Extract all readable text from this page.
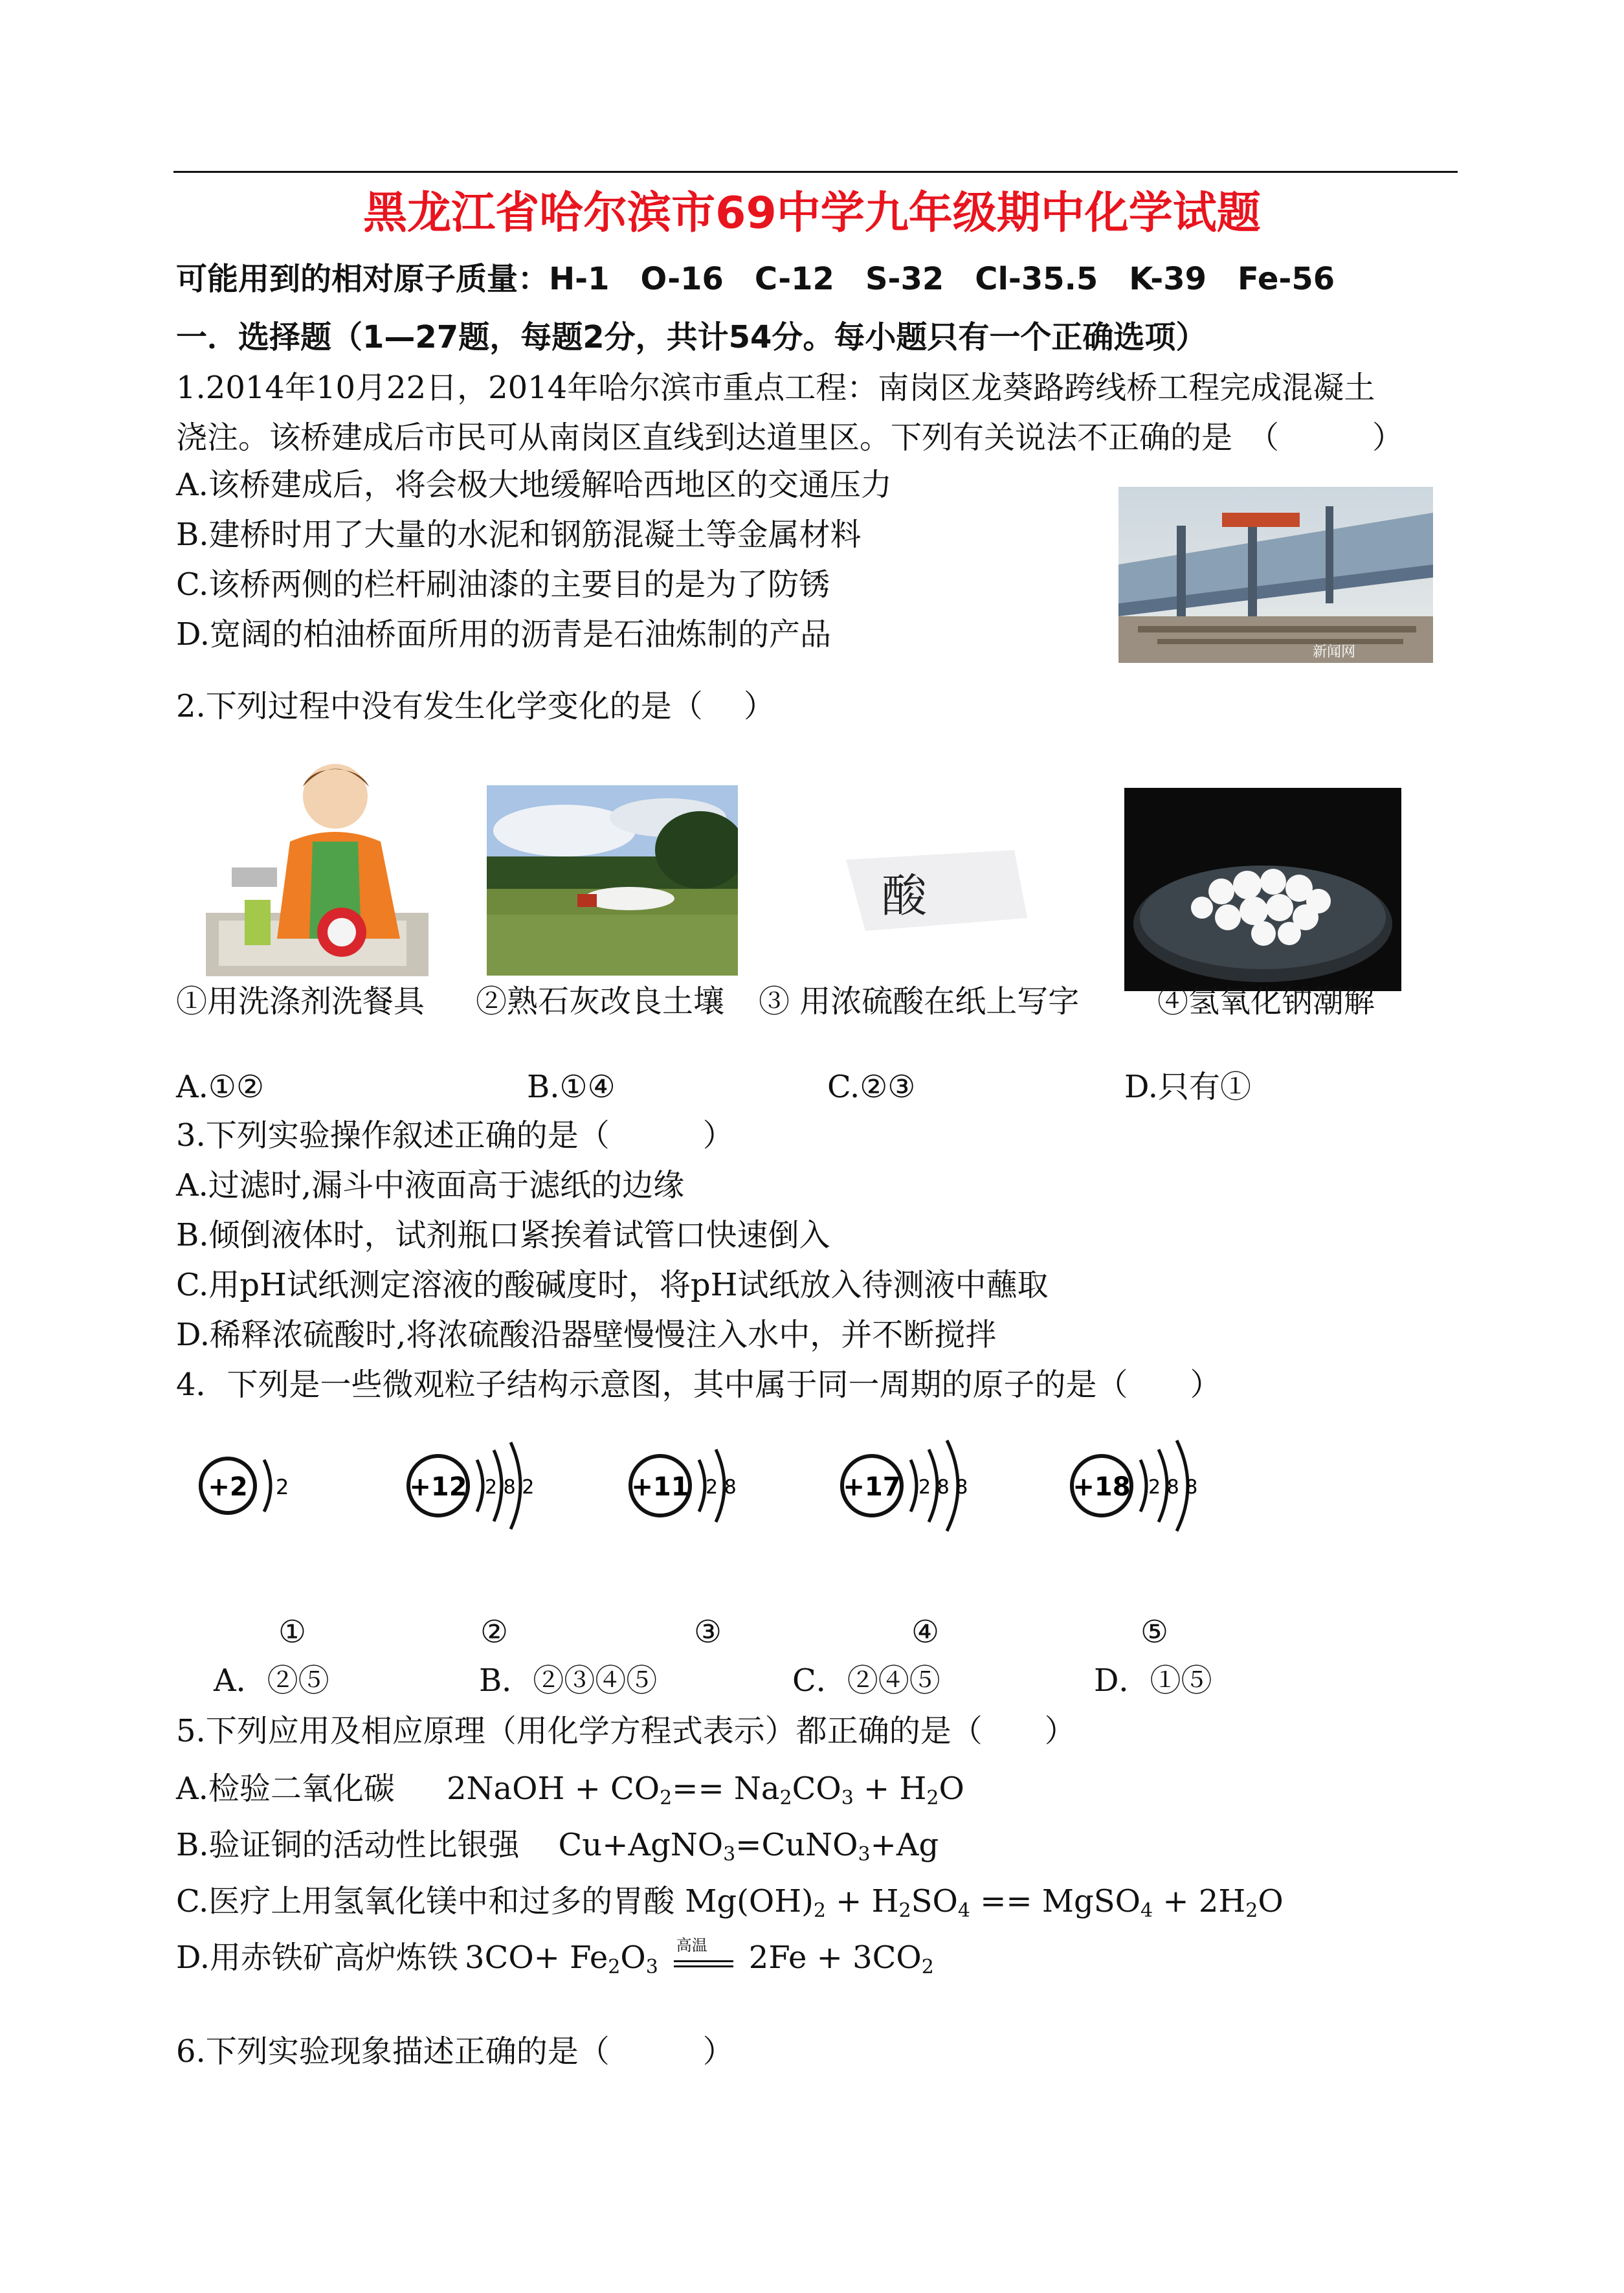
黑龙江省哈尔滨市69中学九年级期中化学试题
可能用到的相对原子质量：H-1　O-16　C-12　S-32　Cl-35.5　K-39　Fe-56
一．选择题（1—27题，每题2分，共计54分。每小题只有一个正确选项）
1.2014年10月22日，2014年哈尔滨市重点工程：南岗区龙葵路跨线桥工程完成混凝土
浇注。该桥建成后市民可从南岗区直线到达道里区。下列有关说法不正确的是　（　　　）
A.该桥建成后，将会极大地缓解哈西地区的交通压力
B.建桥时用了大量的水泥和钢筋混凝土等金属材料
C.该桥两侧的栏杆刷油漆的主要目的是为了防锈
D.宽阔的柏油桥面所用的沥青是石油炼制的产品	新闻网
2.下列过程中没有发生化学变化的是（　 ）
酸
①用洗涤剂洗餐具 ②熟石灰改良土壤 ③ 用浓硫酸在纸上写字	④氢氧化钠潮解
A.①②	B.①④	C.②③	D.只有①
3.下列实验操作叙述正确的是（　　　）
A.过滤时,漏斗中液面高于滤纸的边缘
B.倾倒液体时，试剂瓶口紧挨着试管口快速倒入
C.用pH试纸测定溶液的酸碱度时，将pH试纸放入待测液中蘸取
D.稀释浓硫酸时,将浓硫酸沿器壁慢慢注入水中，并不断搅拌
4．下列是一些微观粒子结构示意图，其中属于同一周期的原子的是（　　）
+2 2	+12 2 8 2	+11 2 8	+17 2 8 8	+18 2 8 8
①	②	③	④	⑤
A．②⑤	B．②③④⑤	C．②④⑤	D．①⑤
5.下列应用及相应原理（用化学方程式表示）都正确的是（　　）
A.检验二氧化碳 2NaOH + $CO_2== Na_2CO_3 + H_2O$
B.验证铜的活动性比银强 Cu+AgNO$_3$=CuNO$_3$+Ag
C.医疗上用氢氧化镁中和过多的胃酸 $Mg(OH)_2 + H_2SO_4$ == MgSO$_4$ + $2H_2O$
D.用赤铁矿高炉炼铁 $3CO+ Fe_2O_3$
高温 $2Fe + 3CO_2$
6.下列实验现象描述正确的是（　　　）
